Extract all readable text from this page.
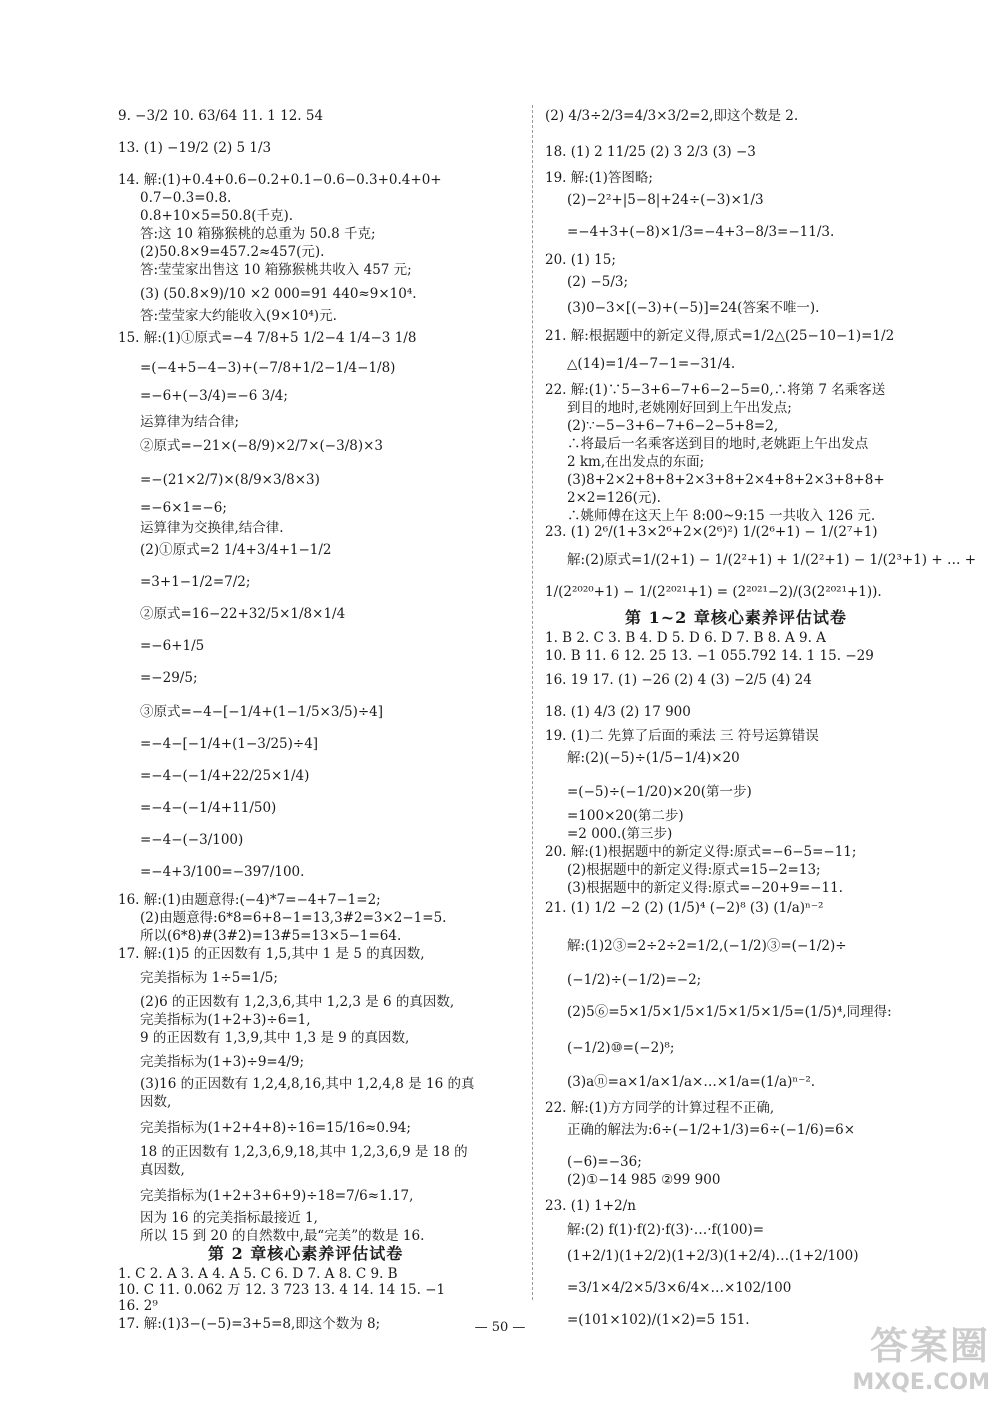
9. −3/2 10. 63/64 11. 1 12. 54
13. (1) −19/2 (2) 5 1/3
14. 解:(1)+0.4+0.6−0.2+0.1−0.6−0.3+0.4+0+
0.7−0.3=0.8.
0.8+10×5=50.8(千克).
答:这 10 箱猕猴桃的总重为 50.8 千克;
(2)50.8×9=457.2≈457(元).
答:莹莹家出售这 10 箱猕猴桃共收入 457 元;
(3) (50.8×9)/10 ×2 000=91 440≈9×10⁴.
答:莹莹家大约能收入(9×10⁴)元.
15. 解:(1)①原式=−4 7/8+5 1/2−4 1/4−3 1/8
=(−4+5−4−3)+(−7/8+1/2−1/4−1/8)
=−6+(−3/4)=−6 3/4;
运算律为结合律;
②原式=−21×(−8/9)×2/7×(−3/8)×3
=−(21×2/7)×(8/9×3/8×3)
=−6×1=−6;
运算律为交换律,结合律.
(2)①原式=2 1/4+3/4+1−1/2
=3+1−1/2=7/2;
②原式=16−22+32/5×1/8×1/4
=−6+1/5
=−29/5;
③原式=−4−[−1/4+(1−1/5×3/5)÷4]
=−4−[−1/4+(1−3/25)÷4]
=−4−(−1/4+22/25×1/4)
=−4−(−1/4+11/50)
=−4−(−3/100)
=−4+3/100=−397/100.
16. 解:(1)由题意得:(−4)*7=−4+7−1=2;
(2)由题意得:6*8=6+8−1=13,3#2=3×2−1=5.
所以(6*8)#(3#2)=13#5=13×5−1=64.
17. 解:(1)5 的正因数有 1,5,其中 1 是 5 的真因数,
完美指标为 1÷5=1/5;
(2)6 的正因数有 1,2,3,6,其中 1,2,3 是 6 的真因数,
完美指标为(1+2+3)÷6=1,
9 的正因数有 1,3,9,其中 1,3 是 9 的真因数,
完美指标为(1+3)÷9=4/9;
(3)16 的正因数有 1,2,4,8,16,其中 1,2,4,8 是 16 的真
因数,
完美指标为(1+2+4+8)÷16=15/16≈0.94;
18 的正因数有 1,2,3,6,9,18,其中 1,2,3,6,9 是 18 的
真因数,
完美指标为(1+2+3+6+9)÷18=7/6≈1.17,
因为 16 的完美指标最接近 1,
所以 15 到 20 的自然数中,最“完美”的数是 16.
第 2 章核心素养评估试卷
1. C 2. A 3. A 4. A 5. C 6. D 7. A 8. C 9. B
10. C 11. 0.062 万 12. 3 723 13. 4 14. 14 15. −1
16. 2⁹
17. 解:(1)3−(−5)=3+5=8,即这个数为 8;
(2) 4/3÷2/3=4/3×3/2=2,即这个数是 2.
18. (1) 2 11/25 (2) 3 2/3 (3) −3
19. 解:(1)答图略;
(2)−2²+|5−8|+24÷(−3)×1/3
=−4+3+(−8)×1/3=−4+3−8/3=−11/3.
20. (1) 15;
(2) −5/3;
(3)0−3×[(−3)+(−5)]=24(答案不唯一).
21. 解:根据题中的新定义得,原式=1/2△(25−10−1)=1/2
△(14)=1/4−7−1=−31/4.
22. 解:(1)∵5−3+6−7+6−2−5=0,∴将第 7 名乘客送
到目的地时,老姚刚好回到上午出发点;
(2)∵−5−3+6−7+6−2−5+8=2,
∴将最后一名乘客送到目的地时,老姚距上午出发点
2 km,在出发点的东面;
(3)8+2×2+8+8+2×3+8+2×4+8+2×3+8+8+
2×2=126(元).
∴姚师傅在这天上午 8:00~9:15 一共收入 126 元.
23. (1) 2⁶/(1+3×2⁶+2×(2⁶)²) 1/(2⁶+1) − 1/(2⁷+1)
解:(2)原式=1/(2+1) − 1/(2²+1) + 1/(2²+1) − 1/(2³+1) + … +
1/(2²⁰²⁰+1) − 1/(2²⁰²¹+1) = (2²⁰²¹−2)/(3(2²⁰²¹+1)).
第 1~2 章核心素养评估试卷
1. B 2. C 3. B 4. D 5. D 6. D 7. B 8. A 9. A
10. B 11. 6 12. 25 13. −1 055.792 14. 1 15. −29
16. 19 17. (1) −26 (2) 4 (3) −2/5 (4) 24
18. (1) 4/3 (2) 17 900
19. (1)二 先算了后面的乘法 三 符号运算错误
解:(2)(−5)÷(1/5−1/4)×20
=(−5)÷(−1/20)×20(第一步)
=100×20(第二步)
=2 000.(第三步)
20. 解:(1)根据题中的新定义得:原式=−6−5=−11;
(2)根据题中的新定义得:原式=15−2=13;
(3)根据题中的新定义得:原式=−20+9=−11.
21. (1) 1/2 −2 (2) (1/5)⁴ (−2)⁸ (3) (1/a)ⁿ⁻²
解:(1)2③=2÷2÷2=1/2,(−1/2)③=(−1/2)÷
(−1/2)÷(−1/2)=−2;
(2)5⑥=5×1/5×1/5×1/5×1/5×1/5=(1/5)⁴,同理得:
(−1/2)⑩=(−2)⁸;
(3)aⓝ=a×1/a×1/a×…×1/a=(1/a)ⁿ⁻².
22. 解:(1)方方同学的计算过程不正确,
正确的解法为:6÷(−1/2+1/3)=6÷(−1/6)=6×
(−6)=−36;
(2)①−14 985 ②99 900
23. (1) 1+2/n
解:(2) f(1)·f(2)·f(3)·…·f(100)=
(1+2/1)(1+2/2)(1+2/3)(1+2/4)…(1+2/100)
=3/1×4/2×5/3×6/4×…×102/100
=(101×102)/(1×2)=5 151.
— 50 —	答案圈
MXQE.COM
